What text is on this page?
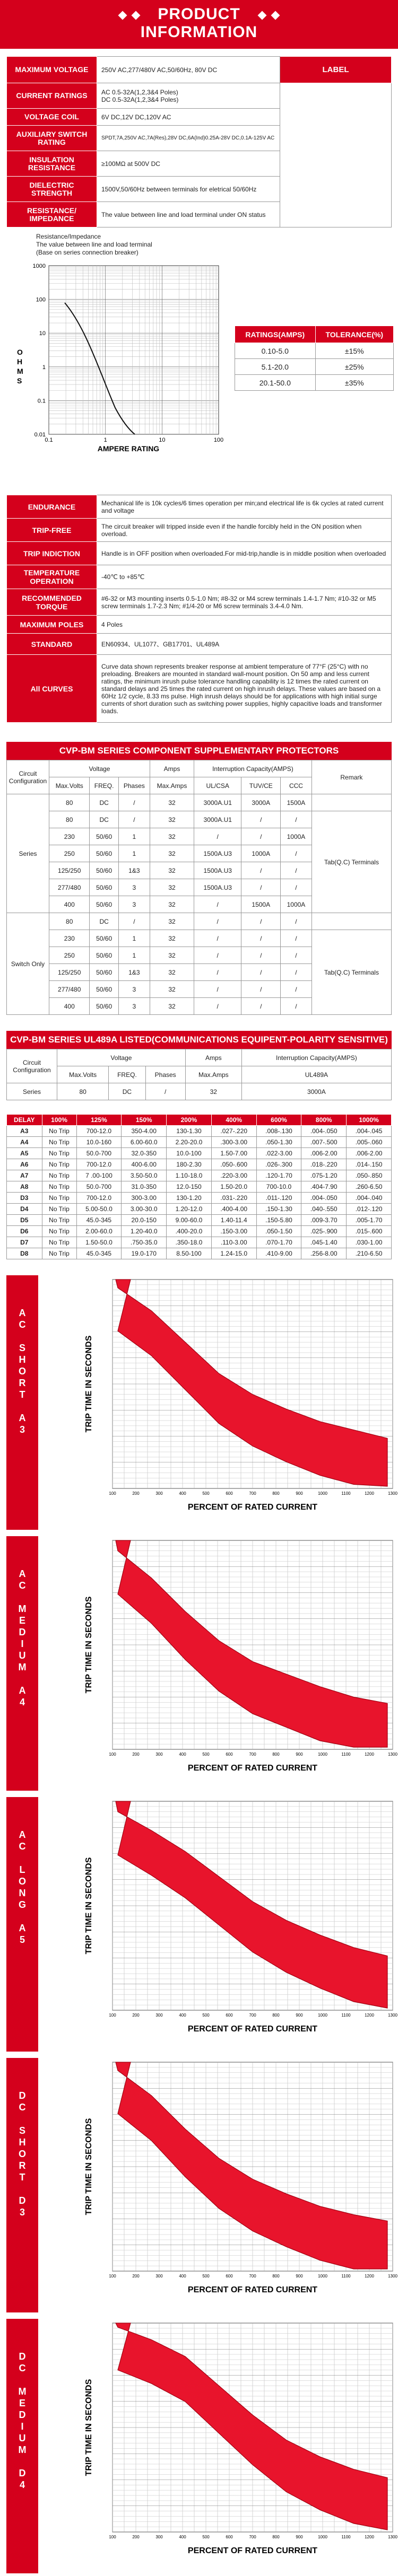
PRODUCT
INFORMATION
MAXIMUM VOLTAGE	250V AC,277/480V AC,50/60Hz, 80V DC	LABEL
CURRENT RATINGS	AC 0.5-32A(1,2,3&4 Poles)
DC 0.5-32A(1,2,3&4 Poles)	
VOLTAGE COIL	6V DC,12V DC,120V AC	
AUXILIARY SWITCH RATING	SPDT,7A,250V AC,7A(Res),28V DC,6A(Ind)0.25A-28V DC,0.1A-125V AC	
INSULATION RESISTANCE	≥100MΩ at 500V DC	
DIELECTRIC STRENGTH	1500V,50/60Hz between terminals for eletrical 50/60Hz	
RESISTANCE/ IMPEDANCE	The value between line and load terminal under ON status	
Resistance/Impedance
The value between line and load terminal
(Base on series connection breaker)
1000
100
10
1
0.1
0.01
0.1	1	10	100
O H M S
AMPERE RATING
RATINGS(AMPS)	TOLERANCE(%)
0.10-5.0	±15%
5.1-20.0	±25%
20.1-50.0	±35%
ENDURANCE	Mechanical life is 10k cycles/6 times operation per min;and electrical life is 6k cycles at rated current and voltage
TRIP-FREE	The circuit breaker will tripped inside even if the handle forcibly held in the ON position when overload.
TRIP INDICTION	Handle is in OFF position when overloaded.For mid-trip,handle is in middle position when overloaded
TEMPERATURE OPERATION	-40℃ to +85℃
RECOMMENDED TORQUE	#6-32 or M3 mounting inserts 0.5-1.0 Nm; #8-32 or M4 screw terminals 1.4-1.7 Nm; #10-32 or M5 screw terminals 1.7-2.3 Nm; #1/4-20 or M6 screw terminals 3.4-4.0 Nm.
MAXIMUM POLES	4 Poles
STANDARD	EN60934、UL1077、GB17701、UL489A
All CURVES	Curve data shown represents breaker response at ambient temperature of 77°F (25°C) with no preloading. Breakers are mounted in standard wall-mount position. On 50 amp and less current ratings, the minimum inrush pulse tolerance handling capability is 12 times the rated current on standard delays and 25 times the rated current on high inrush delays. These values are based on a 60Hz 1/2 cycle, 8.33 ms pulse. High inrush delays should be for applications with high initial surge currents of short duration such as switching power supplies, highly capacitive loads and transformer loads.
CVP-BM SERIES COMPONENT SUPPLEMENTARY PROTECTORS
Circuit Configuration	Voltage			Amps	Interruption Capacity(AMPS)			Remark
	Max.Volts	FREQ.	Phases	Max.Amps	UL/CSA	TUV/CE	CCC	
Series	80	DC	/	32	3000A.U1	3000A	1500A	
	80	DC	/	32	3000A.U1	/	/	Tab(Q.C) Terminals
	230	50/60	1	32	/	/	1000A	
	250	50/60	1	32	1500A.U3	1000A	/	
	125/250	50/60	1&3	32	1500A.U3	/	/	
	277/480	50/60	3	32	1500A.U3	/	/	
	400	50/60	3	32	/	1500A	1000A	
Switch Only	80	DC	/	32	/	/	/	
	230	50/60	1	32	/	/	/	Tab(Q.C) Terminals
	250	50/60	1	32	/	/	/	
	125/250	50/60	1&3	32	/	/	/	
	277/480	50/60	3	32	/	/	/	
	400	50/60	3	32	/	/	/	
CVP-BM SERIES UL489A LISTED(COMMUNICATIONS EQUIPENT-POLARITY SENSITIVE)
Circuit Configuration	Voltage			Amps	Interruption Capacity(AMPS)
	Max.Volts	FREQ.	Phases	Max.Amps	UL489A
Series	80	DC	/	32	3000A
DELAY	100%	125%	150%	200%	400%	600%	800%	1000%
A3	No Trip	700-12.0	350-4.00	130-1.30	.027-.220	.008-.130	.004-.050	.004-.045
A4	No Trip	10.0-160	6.00-60.0	2.20-20.0	.300-3.00	.050-1.30	.007-.500	.005-.060
A5	No Trip	50.0-700	32.0-350	10.0-100	1.50-7.00	.022-3.00	.006-2.00	.006-2.00
A6	No Trip	700-12.0	400-6.00	180-2.30	.050-.600	.026-.300	.018-.220	.014-.150
A7	No Trip	7 .00-100	3.50-50.0	1.10-18.0	.220-3.00	.120-1.70	.075-1.20	.050-.850
A8	No Trip	50.0-700	31.0-350	12.0-150	1.50-20.0	700-10.0	.404-7.90	.260-6.50
D3	No Trip	700-12.0	300-3.00	130-1.20	.031-.220	.011-.120	.004-.050	.004-.040
D4	No Trip	5.00-50.0	3.00-30.0	1.20-12.0	.400-4.00	.150-1.30	.040-.550	.012-.120
D5	No Trip	45.0-345	20.0-150	9.00-60.0	1.40-11.4	.150-5.80	.009-3.70	.005-1.70
D6	No Trip	2.00-60.0	1.20-40.0	.400-20.0	.150-3.00	.050-1.50	.025-.900	.015-.600
D7	No Trip	1.50-50.0	.750-35.0	.350-18.0	.110-3.00	.070-1.70	.045-1.40	.030-1.00
D8	No Trip	45.0-345	19.0-170	8.50-100	1.24-15.0	.410-9.00	.256-8.00	.210-6.50
A
C

S
H
O
R
T

A
3
100	200	300	400	500	600	700	800	900	1000	1100	1200	1300
TRIP TIME IN SECONDS
PERCENT OF RATED CURRENT
A
C

M
E
D
I
U
M

A
4
100	200	300	400	500	600	700	800	900	1000	1100	1200	1300
TRIP TIME IN SECONDS
PERCENT OF RATED CURRENT
A
C

L
O
N
G

A
5
100	200	300	400	500	600	700	800	900	1000	1100	1200	1300
TRIP TIME IN SECONDS
PERCENT OF RATED CURRENT
D
C

S
H
O
R
T

D
3
100	200	300	400	500	600	700	800	900	1000	1100	1200	1300
TRIP TIME IN SECONDS
PERCENT OF RATED CURRENT
D
C

M
E
D
I
U
M

D
4
100	200	300	400	500	600	700	800	900	1000	1100	1200	1300
TRIP TIME IN SECONDS
PERCENT OF RATED CURRENT
